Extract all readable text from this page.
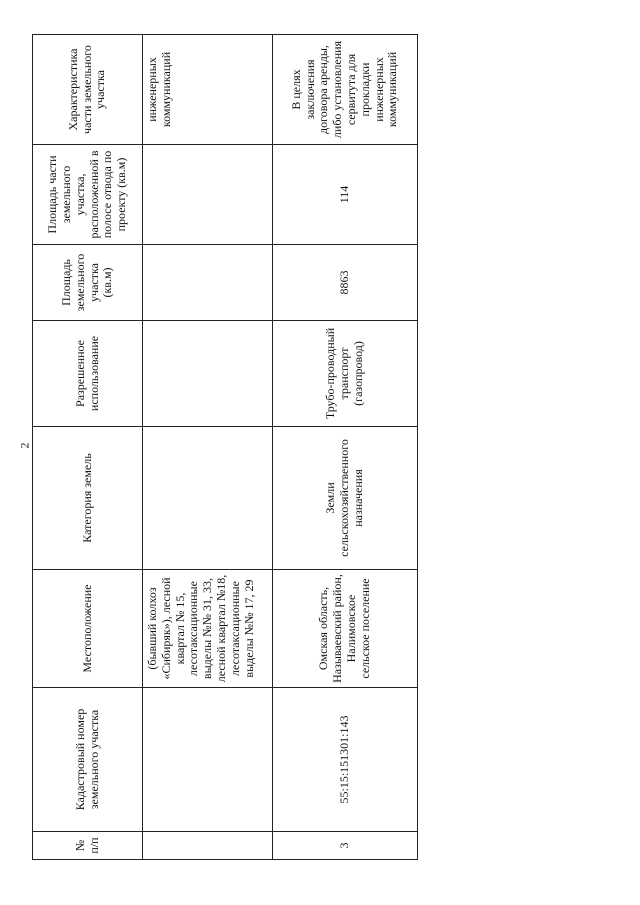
2
№ п/п	Кадастровый номер земельного участка	Местоположение	Категория земель	Разрешенное использование	Площадь земельного участка (кв.м)	Площадь части земельного участка, расположенной в полосе отвода по проекту (кв.м)	Характеристика части земельного участка
		(бывший колхоз «Сибиряк»), лесной квартал № 15, лесотаксационные выделы №№ 31, 33, лесной квартал №18, лесотаксационные выделы №№ 17, 29					инженерных коммуникаций
3	55:15:151301:143	Омская область, Называевский район, Налимовское сельское поселение	Земли сельскохозяйственного назначения	Трубо-проводный транспорт (газопровод)	8863	114	В целях заключения договора аренды, либо установления сервитута для прокладки инженерных коммуникаций
